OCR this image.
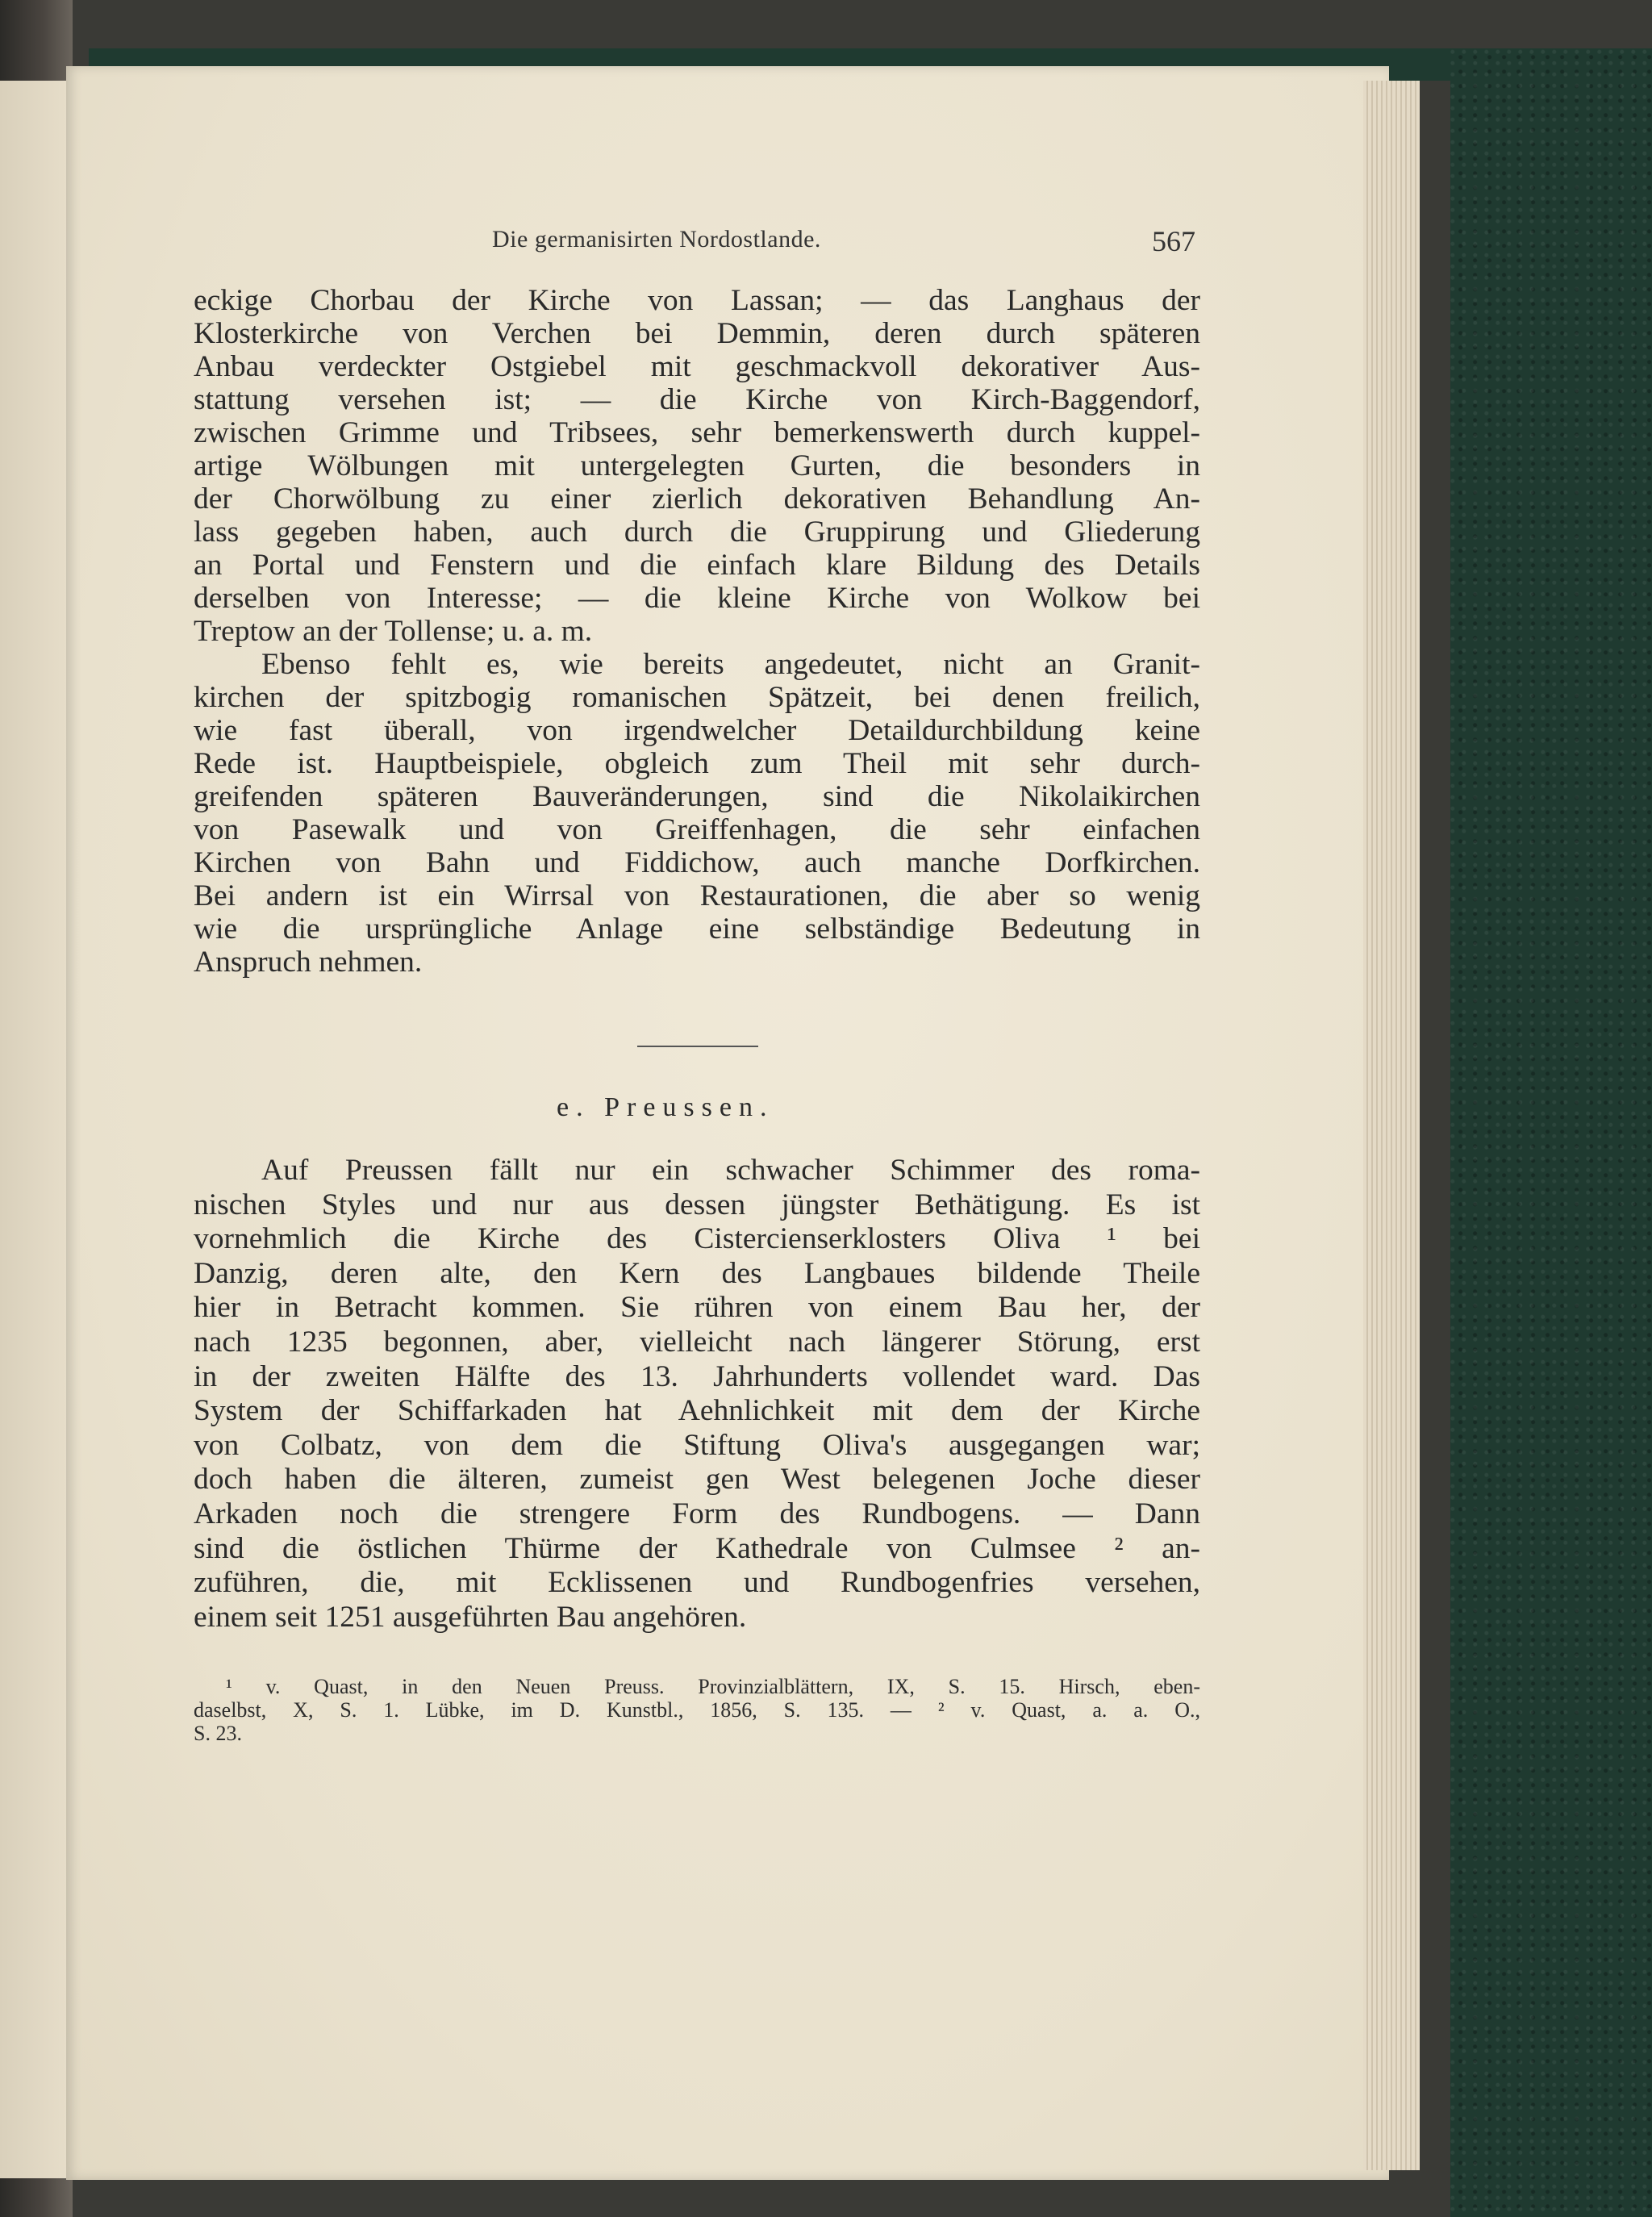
Die germanisirten Nordostlande.	567
eckige Chorbau der Kirche von Lassan; — das Langhaus der
Klosterkirche von Verchen bei Demmin, deren durch späteren
Anbau verdeckter Ostgiebel mit geschmackvoll dekorativer Aus-
stattung versehen ist; — die Kirche von Kirch-Baggendorf,
zwischen Grimme und Tribsees, sehr bemerkenswerth durch kuppel-
artige Wölbungen mit untergelegten Gurten, die besonders in
der Chorwölbung zu einer zierlich dekorativen Behandlung An-
lass gegeben haben, auch durch die Gruppirung und Gliederung
an Portal und Fenstern und die einfach klare Bildung des Details
derselben von Interesse; — die kleine Kirche von Wolkow bei
Treptow an der Tollense; u. a. m.
Ebenso fehlt es, wie bereits angedeutet, nicht an Granit-
kirchen der spitzbogig romanischen Spätzeit, bei denen freilich,
wie fast überall, von irgendwelcher Detaildurchbildung keine
Rede ist. Hauptbeispiele, obgleich zum Theil mit sehr durch-
greifenden späteren Bauveränderungen, sind die Nikolaikirchen
von Pasewalk und von Greiffenhagen, die sehr einfachen
Kirchen von Bahn und Fiddichow, auch manche Dorfkirchen.
Bei andern ist ein Wirrsal von Restaurationen, die aber so wenig
wie die ursprüngliche Anlage eine selbständige Bedeutung in
Anspruch nehmen.
e. Preussen.
Auf Preussen fällt nur ein schwacher Schimmer des roma-
nischen Styles und nur aus dessen jüngster Bethätigung. Es ist
vornehmlich die Kirche des Cistercienserklosters Oliva ¹ bei
Danzig, deren alte, den Kern des Langbaues bildende Theile
hier in Betracht kommen. Sie rühren von einem Bau her, der
nach 1235 begonnen, aber, vielleicht nach längerer Störung, erst
in der zweiten Hälfte des 13. Jahrhunderts vollendet ward. Das
System der Schiffarkaden hat Aehnlichkeit mit dem der Kirche
von Colbatz, von dem die Stiftung Oliva's ausgegangen war;
doch haben die älteren, zumeist gen West belegenen Joche dieser
Arkaden noch die strengere Form des Rundbogens. — Dann
sind die östlichen Thürme der Kathedrale von Culmsee ² an-
zuführen, die, mit Ecklissenen und Rundbogenfries versehen,
einem seit 1251 ausgeführten Bau angehören.
¹ v. Quast, in den Neuen Preuss. Provinzialblättern, IX, S. 15. Hirsch, eben-
daselbst, X, S. 1. Lübke, im D. Kunstbl., 1856, S. 135. — ² v. Quast, a. a. O.,
S. 23.
